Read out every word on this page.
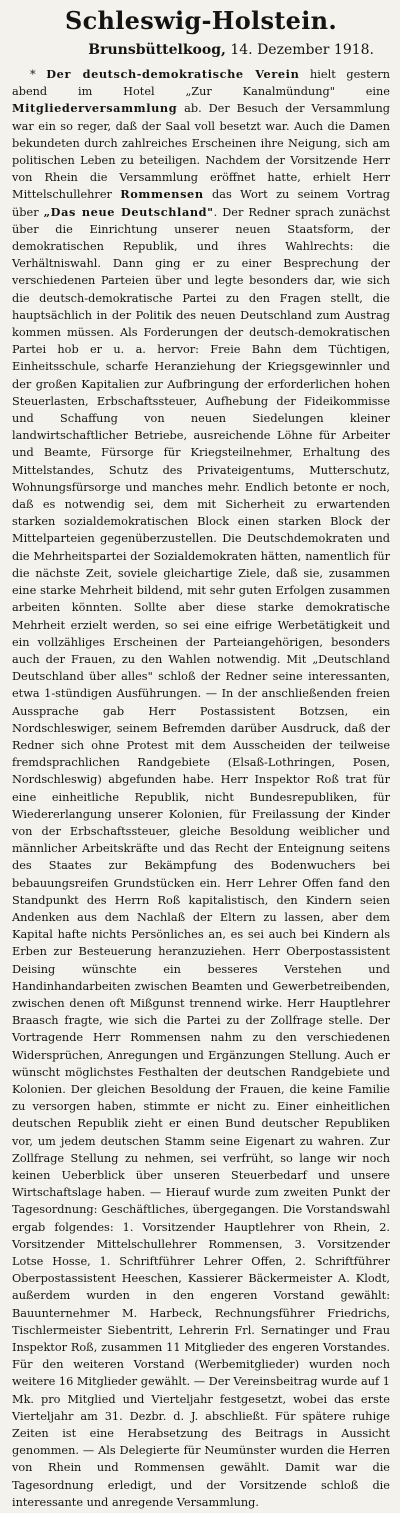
Schleswig-Holstein.

Brunsbüttelkoog, 14. Dezember 1918.

* Der deutsch-demokratische Verein hielt gestern abend im Hotel „Zur Kanalmündung" eine Mitgliederversammlung ab. Der Besuch der Versammlung war ein so reger, daß der Saal voll besetzt war. Auch die Damen bekundeten durch zahlreiches Erscheinen ihre Neigung, sich am politischen Leben zu beteiligen. Nachdem der Vorsitzende Herr von Rhein die Versammlung eröffnet hatte, erhielt Herr Mittelschullehrer Rommensen das Wort zu seinem Vortrag über „Das neue Deutschland". Der Redner sprach zunächst über die Einrichtung unserer neuen Staatsform, der demokratischen Republik, und ihres Wahlrechts: die Verhältniswahl. Dann ging er zu einer Besprechung der verschiedenen Parteien über und legte besonders dar, wie sich die deutsch-demokratische Partei zu den Fragen stellt, die hauptsächlich in der Politik des neuen Deutschland zum Austrag kommen müssen. Als Forderungen der deutsch-demokratischen Partei hob er u. a. hervor: Freie Bahn dem Tüchtigen, Einheitsschule, scharfe Heranziehung der Kriegsgewinnler und der großen Kapitalien zur Aufbringung der erforderlichen hohen Steuerlasten, Erbschaftssteuer, Aufhebung der Fideikommisse und Schaffung von neuen Siedelungen kleiner landwirtschaftlicher Betriebe, ausreichende Löhne für Arbeiter und Beamte, Fürsorge für Kriegsteilnehmer, Erhaltung des Mittelstandes, Schutz des Privateigentums, Mutterschutz, Wohnungsfürsorge und manches mehr. Endlich betonte er noch, daß es notwendig sei, dem mit Sicherheit zu erwartenden starken sozialdemokratischen Block einen starken Block der Mittelparteien gegenüberzustellen. Die Deutschdemokraten und die Mehrheitspartei der Sozialdemokraten hätten, namentlich für die nächste Zeit, soviele gleichartige Ziele, daß sie, zusammen eine starke Mehrheit bildend, mit sehr guten Erfolgen zusammen arbeiten könnten. Sollte aber diese starke demokratische Mehrheit erzielt werden, so sei eine eifrige Werbetätigkeit und ein vollzähliges Erscheinen der Parteiangehörigen, besonders auch der Frauen, zu den Wahlen notwendig. Mit „Deutschland Deutschland über alles" schloß der Redner seine interessanten, etwa 1-stündigen Ausführungen. — In der anschließenden freien Aussprache gab Herr Postassistent Botzsen, ein Nordschleswiger, seinem Befremden darüber Ausdruck, daß der Redner sich ohne Protest mit dem Ausscheiden der teilweise fremdsprachlichen Randgebiete (Elsaß-Lothringen, Posen, Nordschleswig) abgefunden habe. Herr Inspektor Roß trat für eine einheitliche Republik, nicht Bundesrepubliken, für Wiedererlangung unserer Kolonien, für Freilassung der Kinder von der Erbschaftssteuer, gleiche Besoldung weiblicher und männlicher Arbeitskräfte und das Recht der Enteignung seitens des Staates zur Bekämpfung des Bodenwuchers bei bebauungsreifen Grundstücken ein. Herr Lehrer Offen fand den Standpunkt des Herrn Roß kapitalistisch, den Kindern seien Andenken aus dem Nachlaß der Eltern zu lassen, aber dem Kapital hafte nichts Persönliches an, es sei auch bei Kindern als Erben zur Besteuerung heranzuziehen. Herr Oberpostassistent Deising wünschte ein besseres Verstehen und Handinhandarbeiten zwischen Beamten und Gewerbetreibenden, zwischen denen oft Mißgunst trennend wirke. Herr Hauptlehrer Braasch fragte, wie sich die Partei zu der Zollfrage stelle. Der Vortragende Herr Rommensen nahm zu den verschiedenen Widersprüchen, Anregungen und Ergänzungen Stellung. Auch er wünscht möglichstes Festhalten der deutschen Randgebiete und Kolonien. Der gleichen Besoldung der Frauen, die keine Familie zu versorgen haben, stimmte er nicht zu. Einer einheitlichen deutschen Republik zieht er einen Bund deutscher Republiken vor, um jedem deutschen Stamm seine Eigenart zu wahren. Zur Zollfrage Stellung zu nehmen, sei verfrüht, so lange wir noch keinen Ueberblick über unseren Steuerbedarf und unsere Wirtschaftslage haben. — Hierauf wurde zum zweiten Punkt der Tagesordnung: Geschäftliches, übergegangen. Die Vorstandswahl ergab folgendes: 1. Vorsitzender Hauptlehrer von Rhein, 2. Vorsitzender Mittelschullehrer Rommensen, 3. Vorsitzender Lotse Hosse, 1. Schriftführer Lehrer Offen, 2. Schriftführer Oberpostassistent Heeschen, Kassierer Bäckermeister A. Klodt, außerdem wurden in den engeren Vorstand gewählt: Bauunternehmer M. Harbeck, Rechnungsführer Friedrichs, Tischlermeister Siebentritt, Lehrerin Frl. Sernatinger und Frau Inspektor Roß, zusammen 11 Mitglieder des engeren Vorstandes. Für den weiteren Vorstand (Werbemitglieder) wurden noch weitere 16 Mitglieder gewählt. — Der Vereinsbeitrag wurde auf 1 Mk. pro Mitglied und Vierteljahr festgesetzt, wobei das erste Vierteljahr am 31. Dezbr. d. J. abschließt. Für spätere ruhige Zeiten ist eine Herabsetzung des Beitrags in Aussicht genommen. — Als Delegierte für Neumünster wurden die Herren von Rhein und Rommensen gewählt. Damit war die Tagesordnung erledigt, und der Vorsitzende schloß die interessante und anregende Versammlung.
